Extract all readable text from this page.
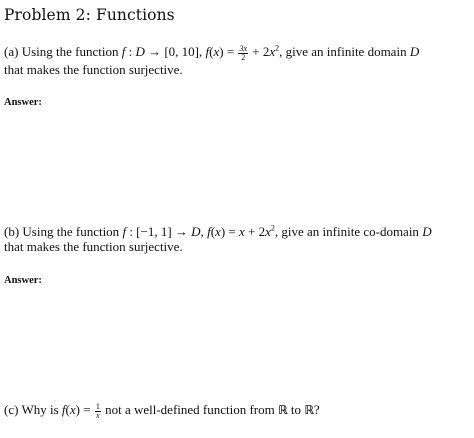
Problem 2: Functions
(a) Using the function f : D → [0, 10], $f(x) = \frac{3x}{2} + 2x^2$, give an infinite domain D
that makes the function surjective.
Answer:
(b) Using the function f : [−1, 1] → D, $f(x) = x + 2x^2$, give an infinite co-domain D
that makes the function surjective.
Answer:
(c) Why is $f(x) = \frac{1}{x}$ not a well-defined function from ℝ to ℝ?
